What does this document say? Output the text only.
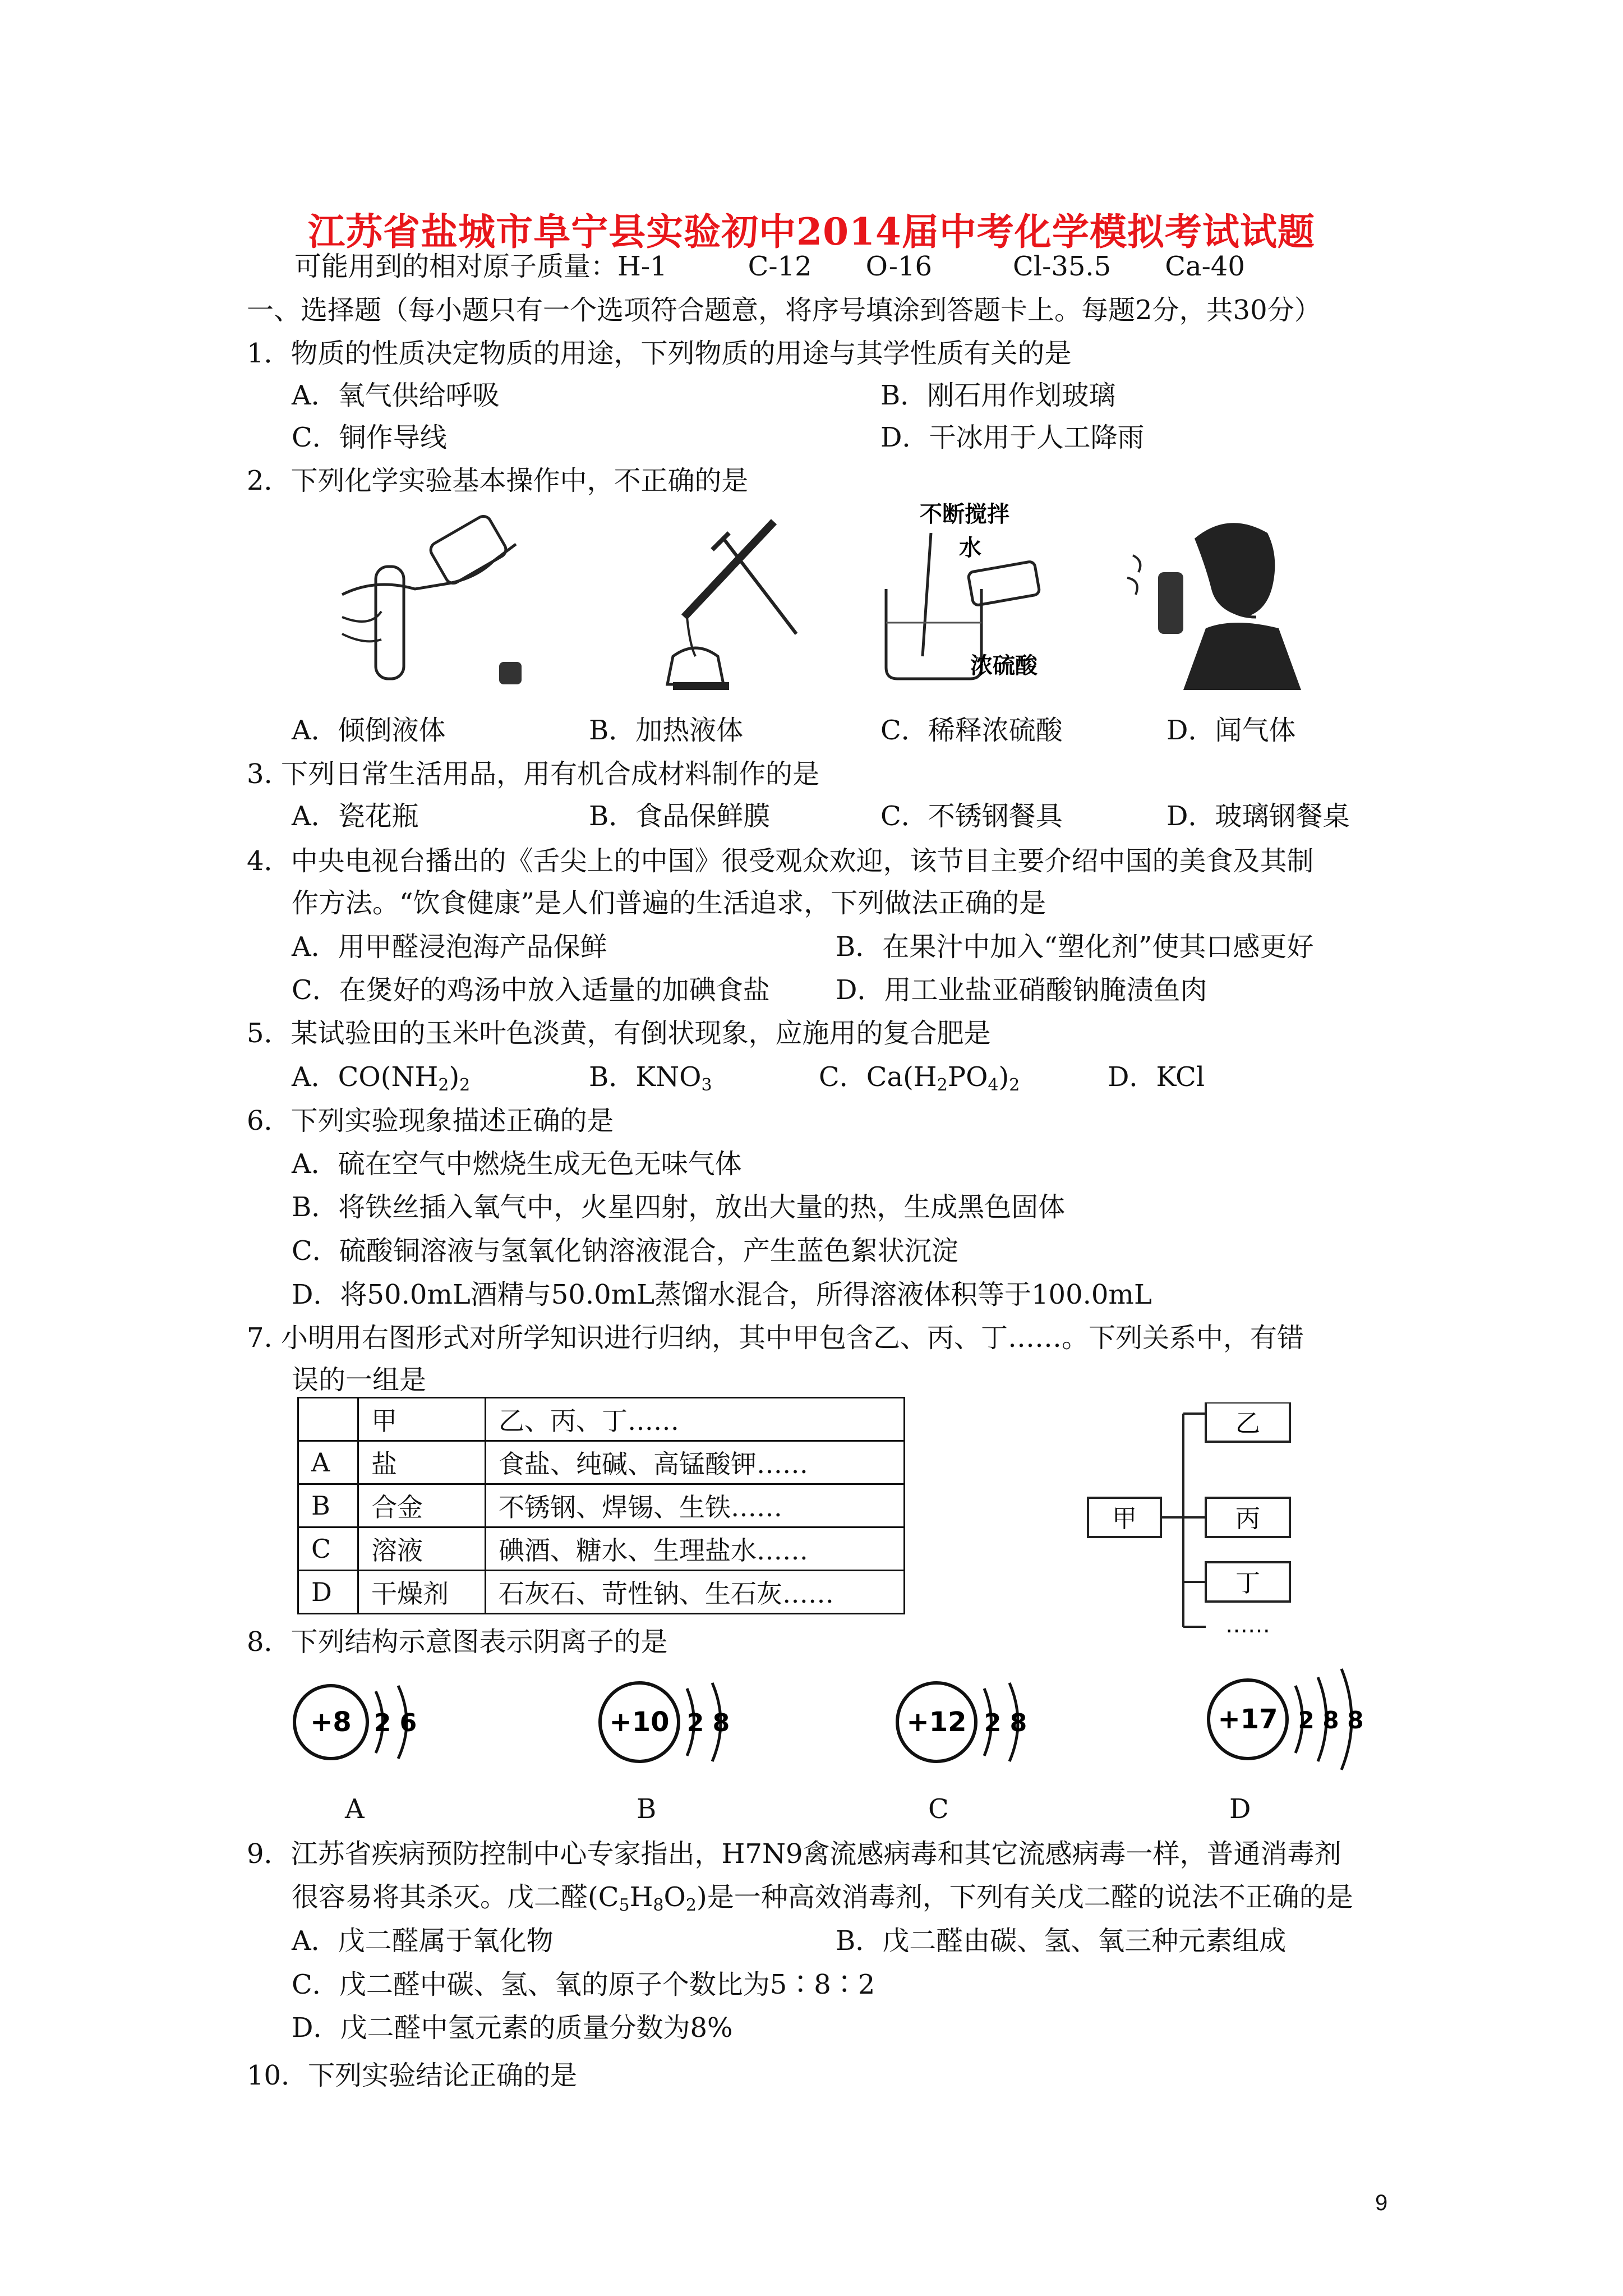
江苏省盐城市阜宁县实验初中2014届中考化学模拟考试试题
可能用到的相对原子质量：H-1　　　C-12　　O-16　　　Cl-35.5　　Ca-40
一、选择题（每小题只有一个选项符合题意，将序号填涂到答题卡上。每题2分，共30分）
1．物质的性质决定物质的用途，下列物质的用途与其学性质有关的是
A．氧气供给呼吸	B．刚石用作划玻璃
C．铜作导线	D．干冰用于人工降雨
2．下列化学实验基本操作中，不正确的是
不断搅拌
水
浓硫酸
A．倾倒液体	B．加热液体	C．稀释浓硫酸	D．闻气体
3. 下列日常生活用品，用有机合成材料制作的是
A．瓷花瓶	B．食品保鲜膜	C．不锈钢餐具	D．玻璃钢餐桌
4．中央电视台播出的《舌尖上的中国》很受观众欢迎，该节目主要介绍中国的美食及其制
作方法。“饮食健康”是人们普遍的生活追求，下列做法正确的是
A．用甲醛浸泡海产品保鲜	B．在果汁中加入“塑化剂”使其口感更好
C．在煲好的鸡汤中放入适量的加碘食盐 D．用工业盐亚硝酸钠腌渍鱼肉
5．某试验田的玉米叶色淡黄，有倒状现象，应施用的复合肥是
A．$CO(NH_2)_2$	B．$KNO_3$	C．$Ca(H_2PO_4)_2$	D．KCl
6．下列实验现象描述正确的是
A．硫在空气中燃烧生成无色无味气体
B．将铁丝插入氧气中，火星四射，放出大量的热，生成黑色固体
C．硫酸铜溶液与氢氧化钠溶液混合，产生蓝色絮状沉淀
D．将50.0mL酒精与50.0mL蒸馏水混合，所得溶液体积等于100.0mL
7. 小明用右图形式对所学知识进行归纳，其中甲包含乙、丙、丁……。下列关系中，有错
误的一组是
	甲	乙、丙、丁……
A	盐	食盐、纯碱、高锰酸钾……
B	合金	不锈钢、焊锡、生铁……
C	溶液	碘酒、糖水、生理盐水……
D	干燥剂	石灰石、苛性钠、生石灰……
甲
乙
丙
丁
……
8．下列结构示意图表示阴离子的是
+8 2 6	+10 2 8	+12 2 8	+17 2 8 8
A	B	C	D
9．江苏省疾病预防控制中心专家指出，H7N9禽流感病毒和其它流感病毒一样，普通消毒剂
很容易将其杀灭。戊二醛$(C_5H_8O_2)$是一种高效消毒剂，下列有关戊二醛的说法不正确的是
A．戊二醛属于氧化物	B．戊二醛由碳、氢、氧三种元素组成
C．戊二醛中碳、氢、氧的原子个数比为5∶8∶2
D．戊二醛中氢元素的质量分数为8%
10．下列实验结论正确的是
9
